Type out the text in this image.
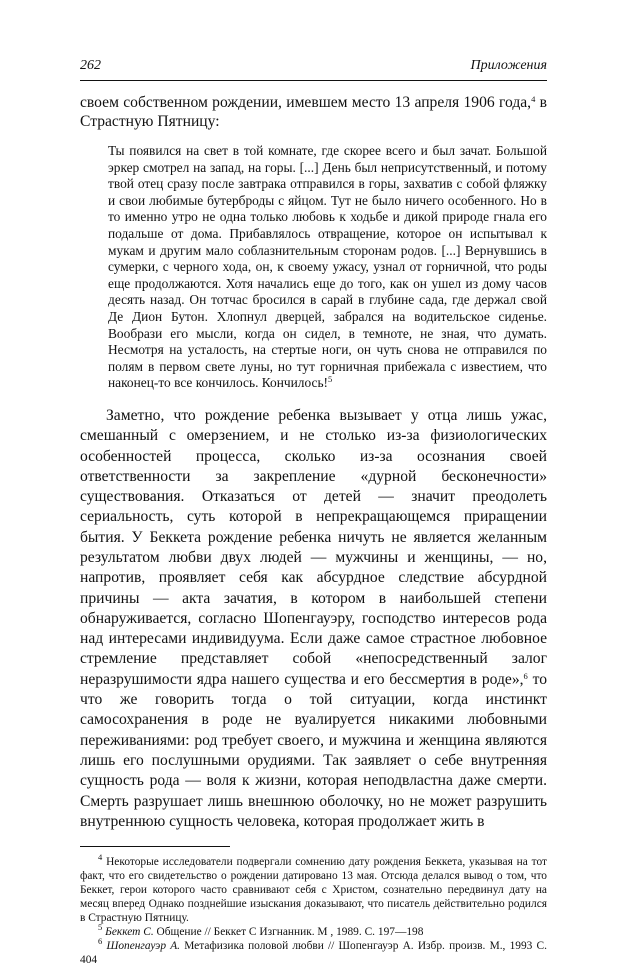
262	Приложения

своем собственном рождении, имевшем место 13 апреля 1906 года,$^4$ в Страстную Пятницу:

Ты появился на свет в той комнате, где скорее всего и был зачат. Большой эркер смотрел на запад, на горы. [...] День был неприсутственный, и потому твой отец сразу после завтрака отправился в горы, захватив с собой фляжку и свои любимые бутерброды с яйцом. Тут не было ничего особенного. Но в то именно утро не одна только любовь к ходьбе и дикой природе гнала его подальше от дома. Прибавлялось отвращение, которое он испытывал к мукам и другим мало соблазнительным сторонам родов. [...] Вернувшись в сумерки, с черного хода, он, к своему ужасу, узнал от горничной, что роды еще продолжаются. Хотя начались еще до того, как он ушел из дому часов десять назад. Он тотчас бросился в сарай в глубине сада, где держал свой Де Дион Бутон. Хлопнул дверцей, забрался на водительское сиденье. Вообрази его мысли, когда он сидел, в темноте, не зная, что думать. Несмотря на усталость, на стертые ноги, он чуть снова не отправился по полям в первом свете луны, но тут горничная прибежала с известием, что наконец-то все кончилось. Кончилось!$^5$

Заметно, что рождение ребенка вызывает у отца лишь ужас, смешанный с омерзением, и не столько из-за физиологических особенностей процесса, сколько из-за осознания своей ответственности за закрепление «дурной бесконечности» существования. Отказаться от детей — значит преодолеть сериальность, суть которой в непрекращающемся приращении бытия. У Беккета рождение ребенка ничуть не является желанным результатом любви двух людей — мужчины и женщины, — но, напротив, проявляет себя как абсурдное следствие абсурдной причины — акта зачатия, в котором в наибольшей степени обнаруживается, согласно Шопенгауэру, господство интересов рода над интересами индивидуума. Если даже самое страстное любовное стремление представляет собой «непосредственный залог неразрушимости ядра нашего существа и его бессмертия в роде»,$^6$ то что же говорить тогда о той ситуации, когда инстинкт самосохранения в роде не вуалируется никакими любовными переживаниями: род требует своего, и мужчина и женщина являются лишь его послушными орудиями. Так заявляет о себе внутренняя сущность рода — воля к жизни, которая неподвластна даже смерти. Смерть разрушает лишь внешнюю оболочку, но не может разрушить внутреннюю сущность человека, которая продолжает жить в

$^4$ Некоторые исследователи подвергали сомнению дату рождения Беккета, указывая на тот факт, что его свидетельство о рождении датировано 13 мая. Отсюда делался вывод о том, что Беккет, герои которого часто сравнивают себя с Христом, сознательно передвинул дату на месяц вперед Однако позднейшие изыскания доказывают, что писатель действительно родился в Страстную Пятницу.

$^5$ Беккет С. Общение // Беккет С Изгнанник. М , 1989. С. 197—198

$^6$ Шопенгауэр А. Метафизика половой любви // Шопенгауэр А. Избр. произв. М., 1993 С. 404
